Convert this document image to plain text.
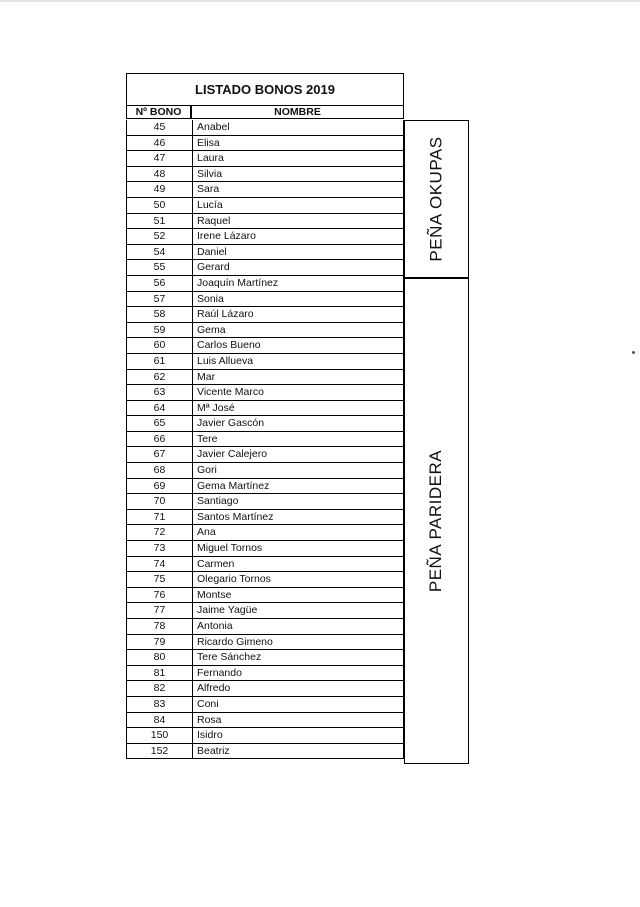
LISTADO BONOS 2019
Nº BONO	NOMBRE
45	Anabel
46	Elisa
47	Laura
48	Silvia
49	Sara
50	Lucía
51	Raquel
52	Irene Lázaro
54	Daniel
55	Gerard
56	Joaquín Martínez
57	Sonia
58	Raúl Lázaro
59	Gema
60	Carlos Bueno
61	Luis Allueva
62	Mar
63	Vicente Marco
64	Mª José
65	Javier Gascón
66	Tere
67	Javier Calejero
68	Gori
69	Gema Martínez
70	Santiago
71	Santos Martínez
72	Ana
73	Miguel Tornos
74	Carmen
75	Olegario Tornos
76	Montse
77	Jaime Yagüe
78	Antonia
79	Ricardo Gimeno
80	Tere Sánchez
81	Fernando
82	Alfredo
83	Coni
84	Rosa
150	Isidro
152	Beatriz
PEÑA OKUPAS
PEÑA PARIDERA
